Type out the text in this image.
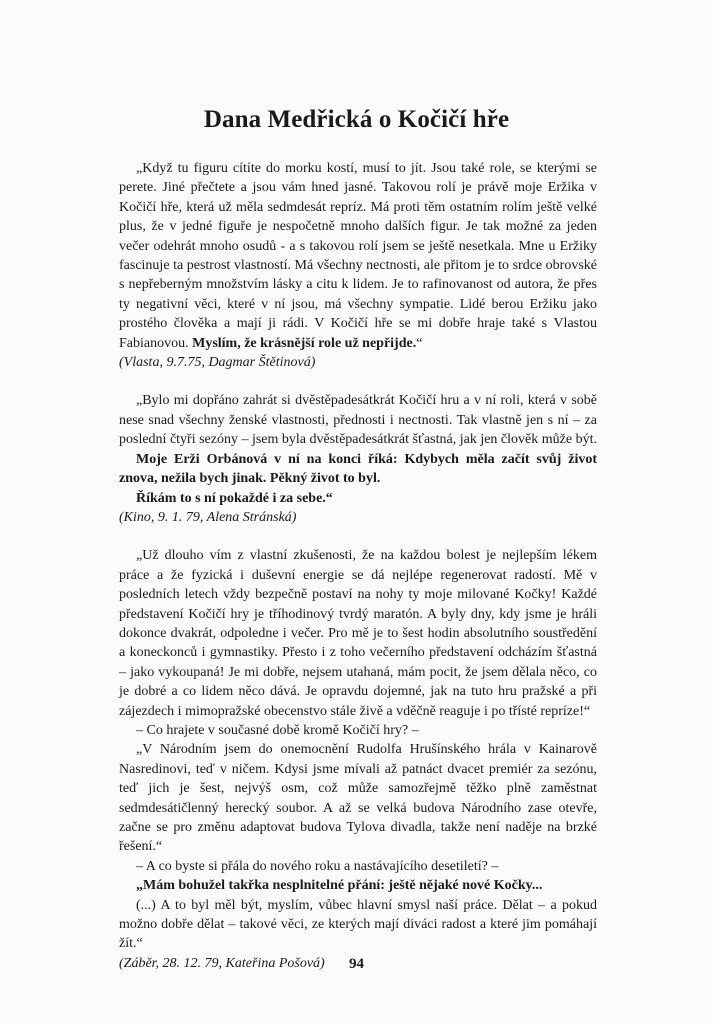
Dana Medřická o Kočičí hře

„Když tu figuru cítíte do morku kostí, musí to jít. Jsou také role, se kterými se perete. Jiné přečtete a jsou vám hned jasné. Takovou rolí je právě moje Eržika v Kočičí hře, která už měla sedmdesát repríz. Má proti těm ostatním rolím ještě velké plus, že v jedné figuře je nespočetně mnoho dalších figur. Je tak možné za jeden večer odehrát mnoho osudů - a s takovou rolí jsem se ještě nesetkala. Mne u Eržiky fascinuje ta pestrost vlastností. Má všechny nectnosti, ale přitom je to srdce obrovské s nepřeberným množstvím lásky a citu k lidem. Je to rafinovanost od autora, že přes ty negativní věci, které v ní jsou, má všechny sympatie. Lidé berou Eržiku jako prostého člověka a mají ji rádi. V Kočičí hře se mi dobře hraje také s Vlastou Fabianovou. Myslím, že krásnější role už nepřijde.“

(Vlasta, 9.7.75, Dagmar Štětinová)

„Bylo mi dopřáno zahrát si dvěstěpadesátkrát Kočičí hru a v ní roli, která v sobě nese snad všechny ženské vlastnosti, přednosti i nectnosti. Tak vlastně jen s ní – za poslední čtyři sezóny – jsem byla dvěstěpadesátkrát šťastná, jak jen člověk může být.

Moje Erži Orbánová v ní na konci říká: Kdybych měla začít svůj život znova, nežila bych jinak. Pěkný život to byl.

Říkám to s ní pokaždé i za sebe.“

(Kino, 9. 1. 79, Alena Stránská)

„Už dlouho vím z vlastní zkušenosti, že na každou bolest je nejlepším lékem práce a že fyzická i duševní energie se dá nejlépe regenerovat radostí. Mě v posledních letech vždy bezpečně postaví na nohy ty moje milované Kočky! Každé představení Kočičí hry je tříhodinový tvrdý maratón. A byly dny, kdy jsme je hráli dokonce dvakrát, odpoledne i večer. Pro mě je to šest hodin absolutního soustředění a koneckonců i gymnastiky. Přesto i z toho večerního představení odcházím šťastná – jako vykoupaná! Je mi dobře, nejsem utahaná, mám pocit, že jsem dělala něco, co je dobré a co lidem něco dává. Je opravdu dojemné, jak na tuto hru pražské a při zájezdech i mimopražské obecenstvo stále živě a vděčně reaguje i po třísté repríze!“

– Co hrajete v současné době kromě Kočičí hry? –

„V Národním jsem do onemocnění Rudolfa Hrušínského hrála v Kainarově Nasredinovi, teď v ničem. Kdysi jsme mívali až patnáct dvacet premiér za sezónu, teď jich je šest, nejvýš osm, což může samozřejmě těžko plně zaměstnat sedmdesátičlenný herecký soubor. A až se velká budova Národního zase otevře, začne se pro změnu adaptovat budova Tylova divadla, takže není naděje na brzké řešení.“

– A co byste si přála do nového roku a nastávajícího desetiletí? –

„Mám bohužel takřka nesplnitelné přání: ještě nějaké nové Kočky...

(...) A to byl měl být, myslím, vůbec hlavní smysl naší práce. Dělat – a pokud možno dobře dělat – takové věci, ze kterých mají diváci radost a které jim pomáhají žít.“

(Záběr, 28. 12. 79, Kateřina Pošová)	94
